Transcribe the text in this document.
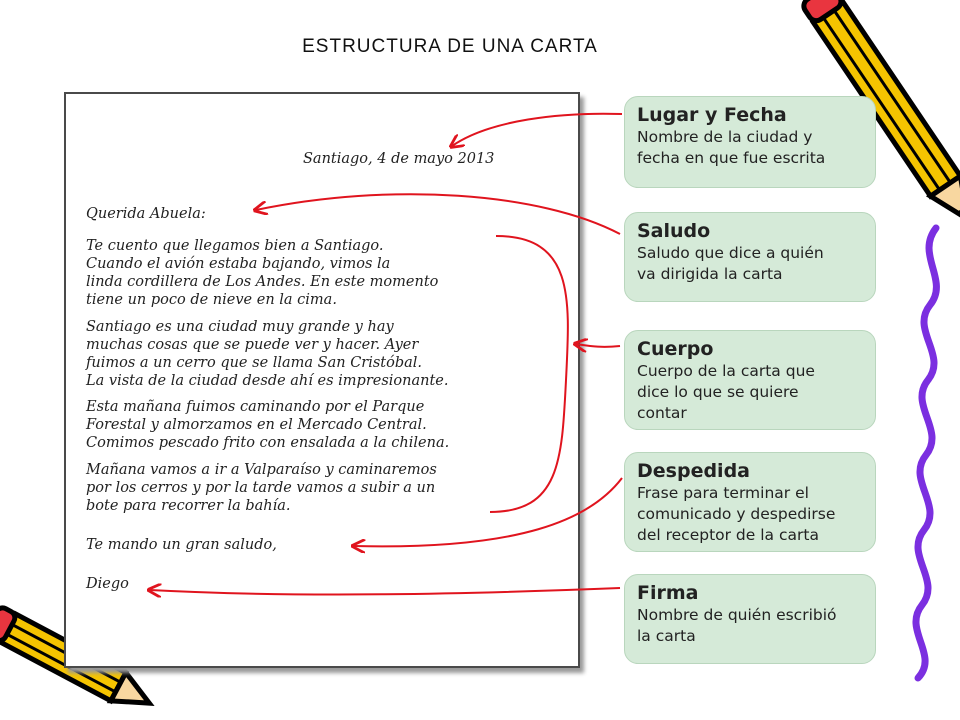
ESTRUCTURA DE UNA CARTA
Santiago, 4 de mayo 2013
Querida Abuela:
Te cuento que llegamos bien a Santiago.
Cuando el avión estaba bajando, vimos la
linda cordillera de Los Andes. En este momento
tiene un poco de nieve en la cima.
Santiago es una ciudad muy grande y hay
muchas cosas que se puede ver y hacer. Ayer
fuimos a un cerro que se llama San Cristóbal.
La vista de la ciudad desde ahí es impresionante.
Esta mañana fuimos caminando por el Parque
Forestal y almorzamos en el Mercado Central.
Comimos pescado frito con ensalada a la chilena.
Mañana vamos a ir a Valparaíso y caminaremos
por los cerros y por la tarde vamos a subir a un
bote para recorrer la bahía.
Te mando un gran saludo,
Diego
Lugar y Fecha
Nombre de la ciudad y
fecha en que fue escrita
Saludo
Saludo que dice a quién
va dirigida la carta
Cuerpo
Cuerpo de la carta que
dice lo que se quiere
contar
Despedida
Frase para terminar el
comunicado y despedirse
del receptor de la carta
Firma
Nombre de quién escribió
la carta
